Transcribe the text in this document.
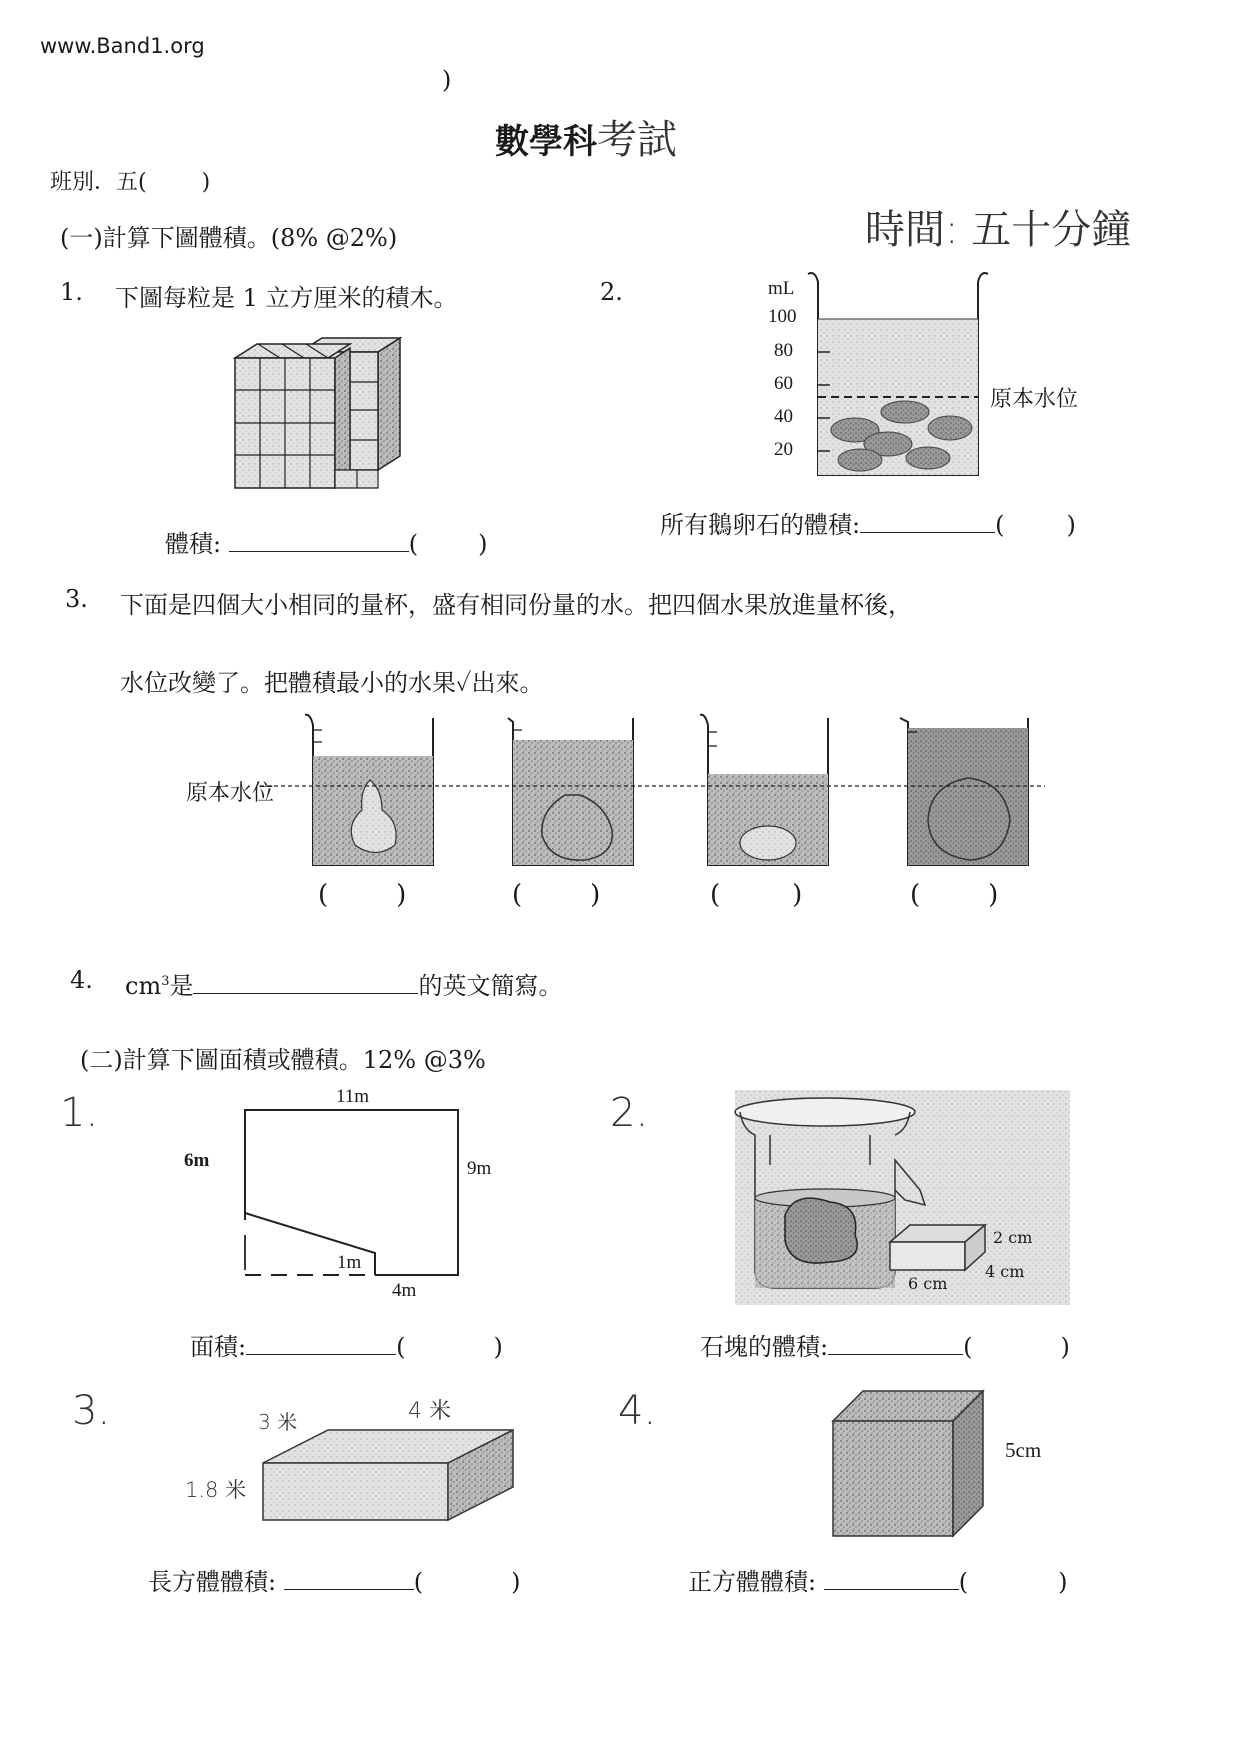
www.Band1.org
)
數學科考試
班別．五(	)
時間: 五十分鐘
(一)計算下圖體積。(8% @2%)
1. 下圖每粒是 1 立方厘米的積木。
體積:	(	)
2.	mL
100
80
60
40
20
原本水位
所有鵝卵石的體積:	(	)
3. 下面是四個大小相同的量杯，盛有相同份量的水。把四個水果放進量杯後，
水位改變了。把體積最小的水果✓出來。
原本水位
(	)	(	)	(	)	(	)
4. $cm^3$是	的英文簡寫。
(二)計算下圖面積或體積。12% @3%
1.	11m
6m	9m
1m
4m
面積:	(	)
2.
2 cm
4 cm
6 cm
石塊的體積:	(	)
3.	3 米	4 米
1.8 米
長方體體積:	(	)
4.
5cm
正方體體積:	(	)
